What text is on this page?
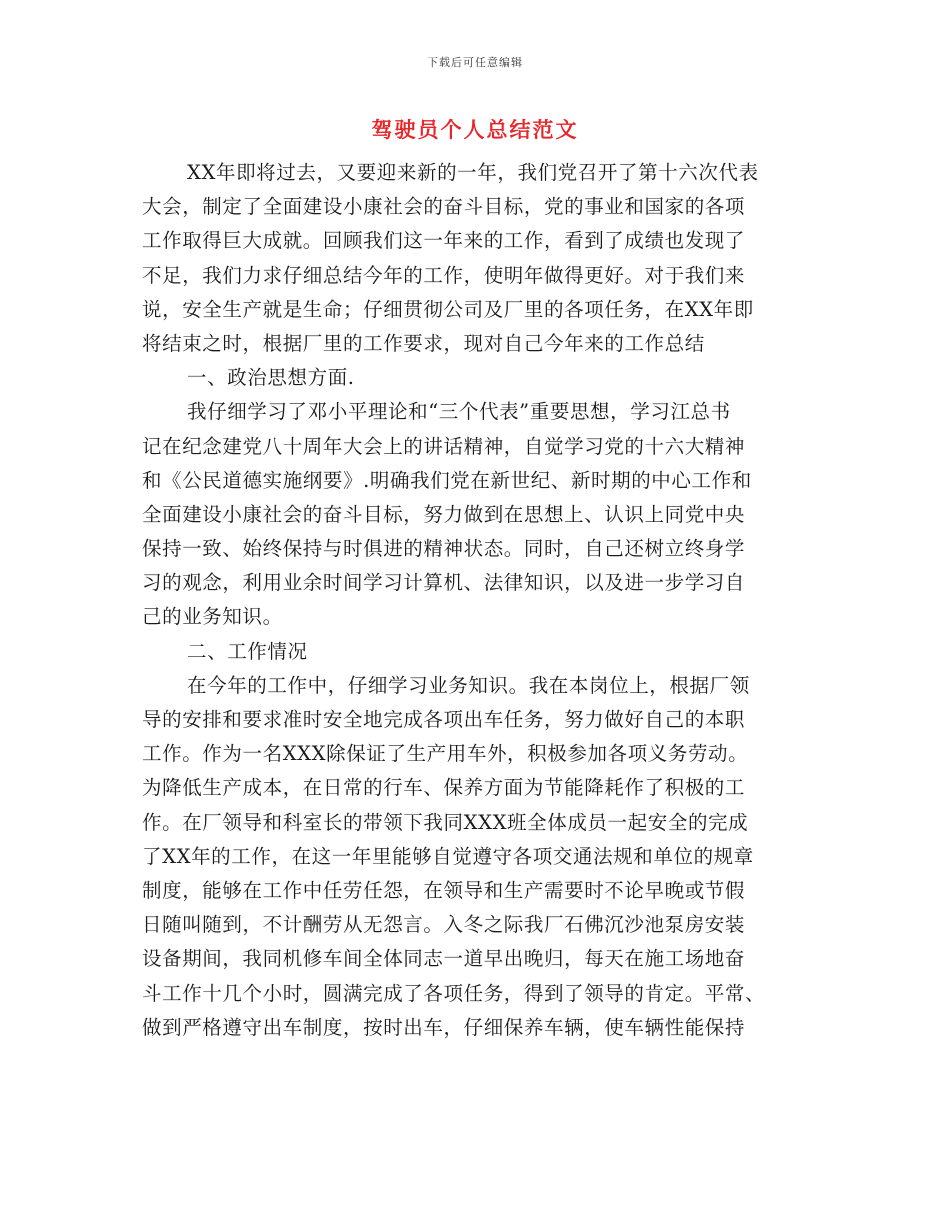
下载后可任意编辑
驾驶员个人总结范文
XX年即将过去，又要迎来新的一年，我们党召开了第十六次代表
大会，制定了全面建设小康社会的奋斗目标，党的事业和国家的各项
工作取得巨大成就。回顾我们这一年来的工作，看到了成绩也发现了
不足，我们力求仔细总结今年的工作，使明年做得更好。对于我们来
说，安全生产就是生命；仔细贯彻公司及厂里的各项任务，在XX年即
将结束之时，根据厂里的工作要求，现对自己今年来的工作总结
一、政治思想方面.
我仔细学习了邓小平理论和“三个代表”重要思想，学习江总书
记在纪念建党八十周年大会上的讲话精神，自觉学习党的十六大精神
和《公民道德实施纲要》.明确我们党在新世纪、新时期的中心工作和
全面建设小康社会的奋斗目标，努力做到在思想上、认识上同党中央
保持一致、始终保持与时俱进的精神状态。同时，自己还树立终身学
习的观念，利用业余时间学习计算机、法律知识，以及进一步学习自
己的业务知识。
二、工作情况
在今年的工作中，仔细学习业务知识。我在本岗位上，根据厂领
导的安排和要求准时安全地完成各项出车任务，努力做好自己的本职
工作。作为一名XXX除保证了生产用车外，积极参加各项义务劳动。
为降低生产成本，在日常的行车、保养方面为节能降耗作了积极的工
作。在厂领导和科室长的带领下我同XXX班全体成员一起安全的完成
了XX年的工作，在这一年里能够自觉遵守各项交通法规和单位的规章
制度，能够在工作中任劳任怨，在领导和生产需要时不论早晚或节假
日随叫随到，不计酬劳从无怨言。入冬之际我厂石佛沉沙池泵房安装
设备期间，我同机修车间全体同志一道早出晚归，每天在施工场地奋
斗工作十几个小时，圆满完成了各项任务，得到了领导的肯定。平常、
做到严格遵守出车制度，按时出车，仔细保养车辆，使车辆性能保持
